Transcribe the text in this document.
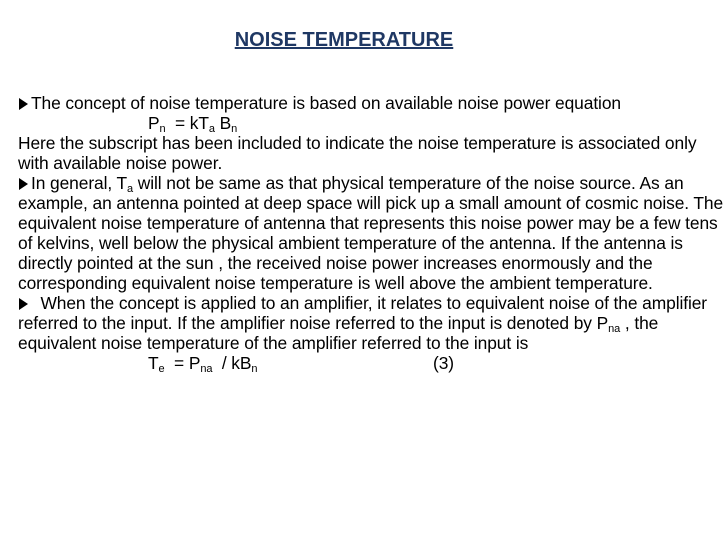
NOISE TEMPERATURE

The concept of noise temperature is based on available noise power equation
$P_n = kT_a$ $B_n$

Here the subscript has been included to indicate the noise temperature is associated only with available noise power.

In general, $T_a$ will not be same as that physical temperature of the noise source. As an example, an antenna pointed at deep space will pick up a small amount of cosmic noise. The equivalent noise temperature of antenna that represents this noise power may be a few tens of kelvins, well below the physical ambient temperature of the antenna. If the antenna is directly pointed at the sun , the received noise power increases enormously and the corresponding equivalent noise temperature is well above the ambient temperature.

When the concept is applied to an amplifier, it relates to equivalent noise of the amplifier referred to the input. If the amplifier noise referred to the input is denoted by $P_{na}$ , the equivalent noise temperature of the amplifier referred to the input is
$T_e = P_{na} / kB_n$	(3)
